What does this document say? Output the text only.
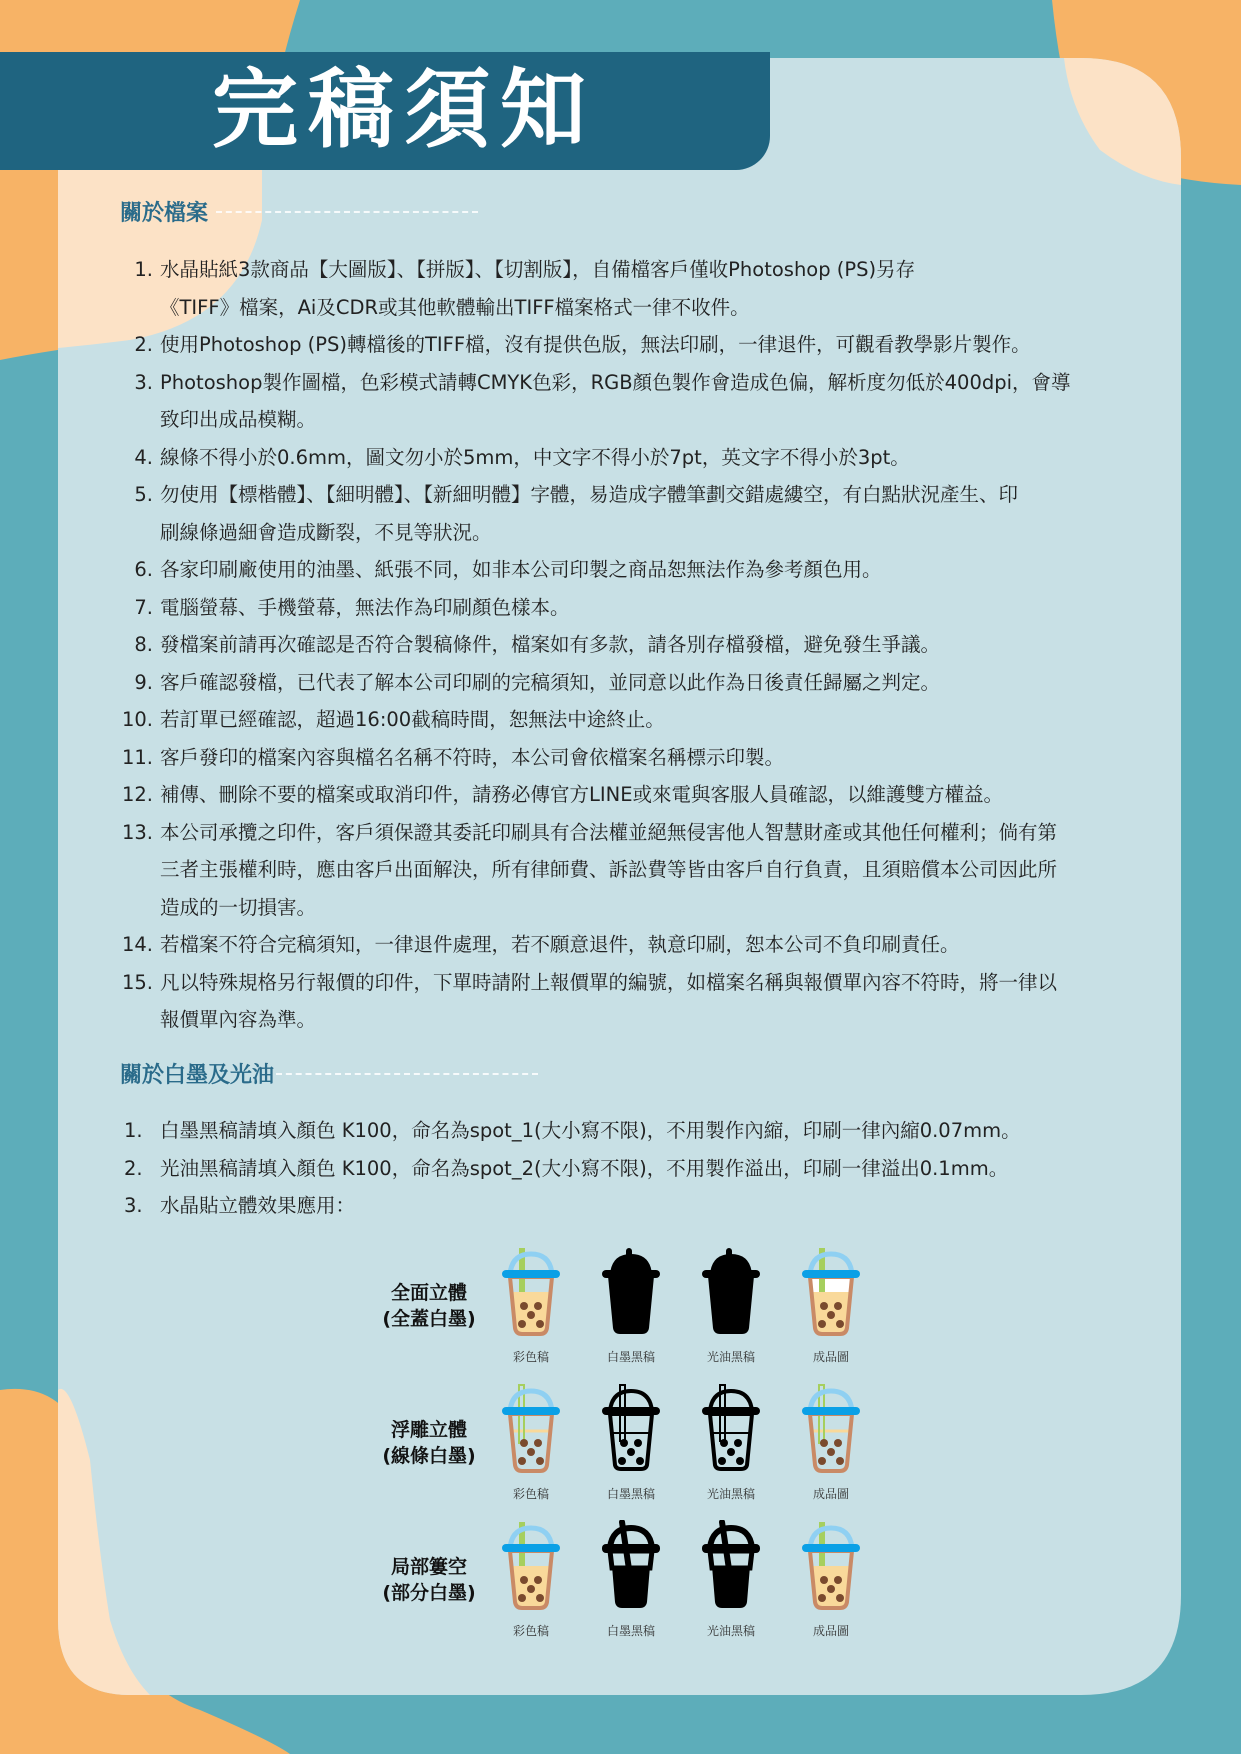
完稿須知
關於檔案
1. 水晶貼紙3款商品【大圖版】、【拼版】、【切割版】，自備檔客戶僅收Photoshop (PS)另存
《TIFF》檔案，Ai及CDR或其他軟體輸出TIFF檔案格式一律不收件。
2. 使用Photoshop (PS)轉檔後的TIFF檔，沒有提供色版，無法印刷，一律退件，可觀看教學影片製作。
3. Photoshop製作圖檔，色彩模式請轉CMYK色彩，RGB顏色製作會造成色偏，解析度勿低於400dpi，會導
致印出成品模糊。
4. 線條不得小於0.6mm，圖文勿小於5mm，中文字不得小於7pt，英文字不得小於3pt。
5. 勿使用【標楷體】、【細明體】、【新細明體】字體，易造成字體筆劃交錯處縷空，有白點狀況產生、印
刷線條過細會造成斷裂，不見等狀況。
6. 各家印刷廠使用的油墨、紙張不同，如非本公司印製之商品恕無法作為參考顏色用。
7. 電腦螢幕、手機螢幕，無法作為印刷顏色樣本。
8. 發檔案前請再次確認是否符合製稿條件，檔案如有多款，請各別存檔發檔，避免發生爭議。
9. 客戶確認發檔，已代表了解本公司印刷的完稿須知，並同意以此作為日後責任歸屬之判定。
10. 若訂單已經確認，超過16:00截稿時間，恕無法中途終止。
11. 客戶發印的檔案內容與檔名名稱不符時，本公司會依檔案名稱標示印製。
12. 補傳、刪除不要的檔案或取消印件，請務必傳官方LINE或來電與客服人員確認，以維護雙方權益。
13. 本公司承攬之印件，客戶須保證其委託印刷具有合法權並絕無侵害他人智慧財產或其他任何權利；倘有第
三者主張權利時，應由客戶出面解決，所有律師費、訴訟費等皆由客戶自行負責，且須賠償本公司因此所
造成的一切損害。
14. 若檔案不符合完稿須知，一律退件處理，若不願意退件，執意印刷，恕本公司不負印刷責任。
15. 凡以特殊規格另行報價的印件，下單時請附上報價單的編號，如檔案名稱與報價單內容不符時，將一律以
報價單內容為準。
關於白墨及光油
1. 白墨黑稿請填入顏色 K100，命名為spot_1(大小寫不限)，不用製作內縮，印刷一律內縮0.07mm。
2. 光油黑稿請填入顏色 K100，命名為spot_2(大小寫不限)，不用製作溢出，印刷一律溢出0.1mm。
3. 水晶貼立體效果應用：
全面立體
(全蓋白墨)
彩色稿	白墨黑稿	光油黑稿	成品圖
浮雕立體
(線條白墨)
彩色稿	白墨黑稿	光油黑稿	成品圖
局部簍空
(部分白墨)
彩色稿	白墨黑稿	光油黑稿	成品圖
